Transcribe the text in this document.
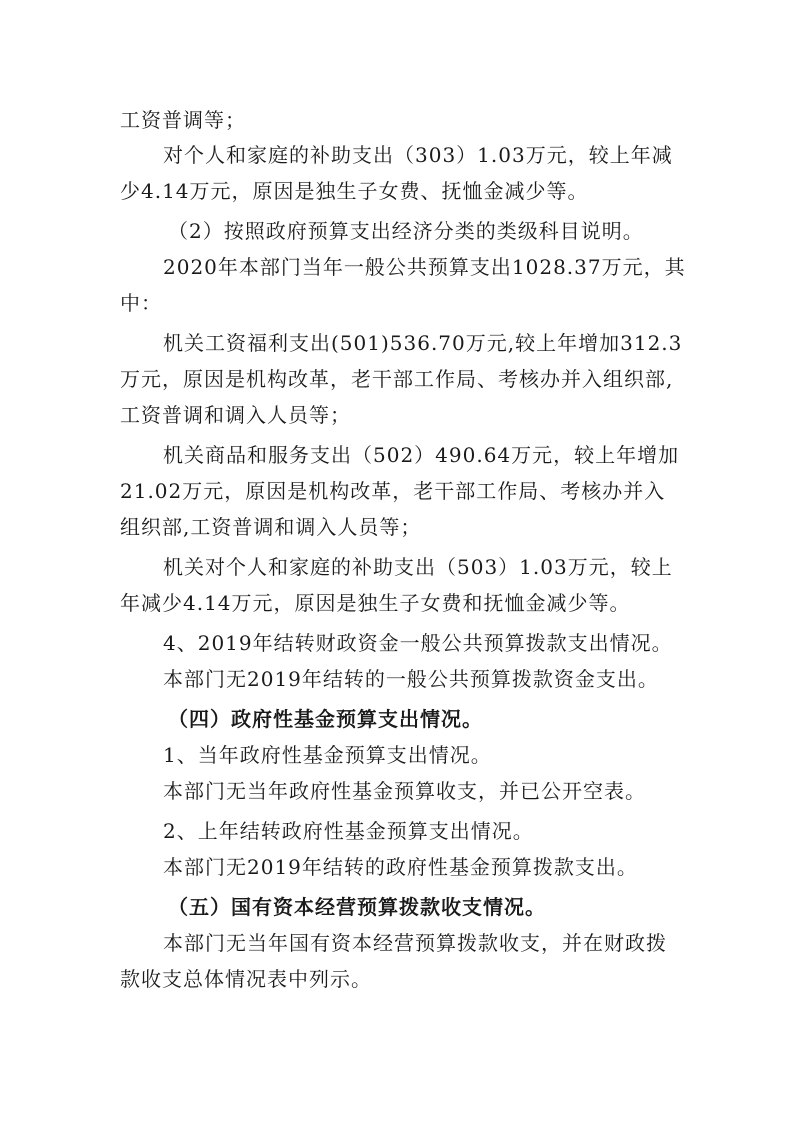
工资普调等；
对个人和家庭的补助支出（303）1.03万元，较上年减
少4.14万元，原因是独生子女费、抚恤金减少等。
（2）按照政府预算支出经济分类的类级科目说明。
2020年本部门当年一般公共预算支出1028.37万元，其
中：
机关工资福利支出(501)536.70万元,较上年增加312.3
万元，原因是机构改革，老干部工作局、考核办并入组织部,
工资普调和调入人员等；
机关商品和服务支出（502）490.64万元，较上年增加
21.02万元，原因是机构改革，老干部工作局、考核办并入
组织部,工资普调和调入人员等；
机关对个人和家庭的补助支出（503）1.03万元，较上
年减少4.14万元，原因是独生子女费和抚恤金减少等。
4、2019年结转财政资金一般公共预算拨款支出情况。
本部门无2019年结转的一般公共预算拨款资金支出。
（四）政府性基金预算支出情况。
1、当年政府性基金预算支出情况。
本部门无当年政府性基金预算收支，并已公开空表。
2、上年结转政府性基金预算支出情况。
本部门无2019年结转的政府性基金预算拨款支出。
（五）国有资本经营预算拨款收支情况。
本部门无当年国有资本经营预算拨款收支，并在财政拨
款收支总体情况表中列示。
